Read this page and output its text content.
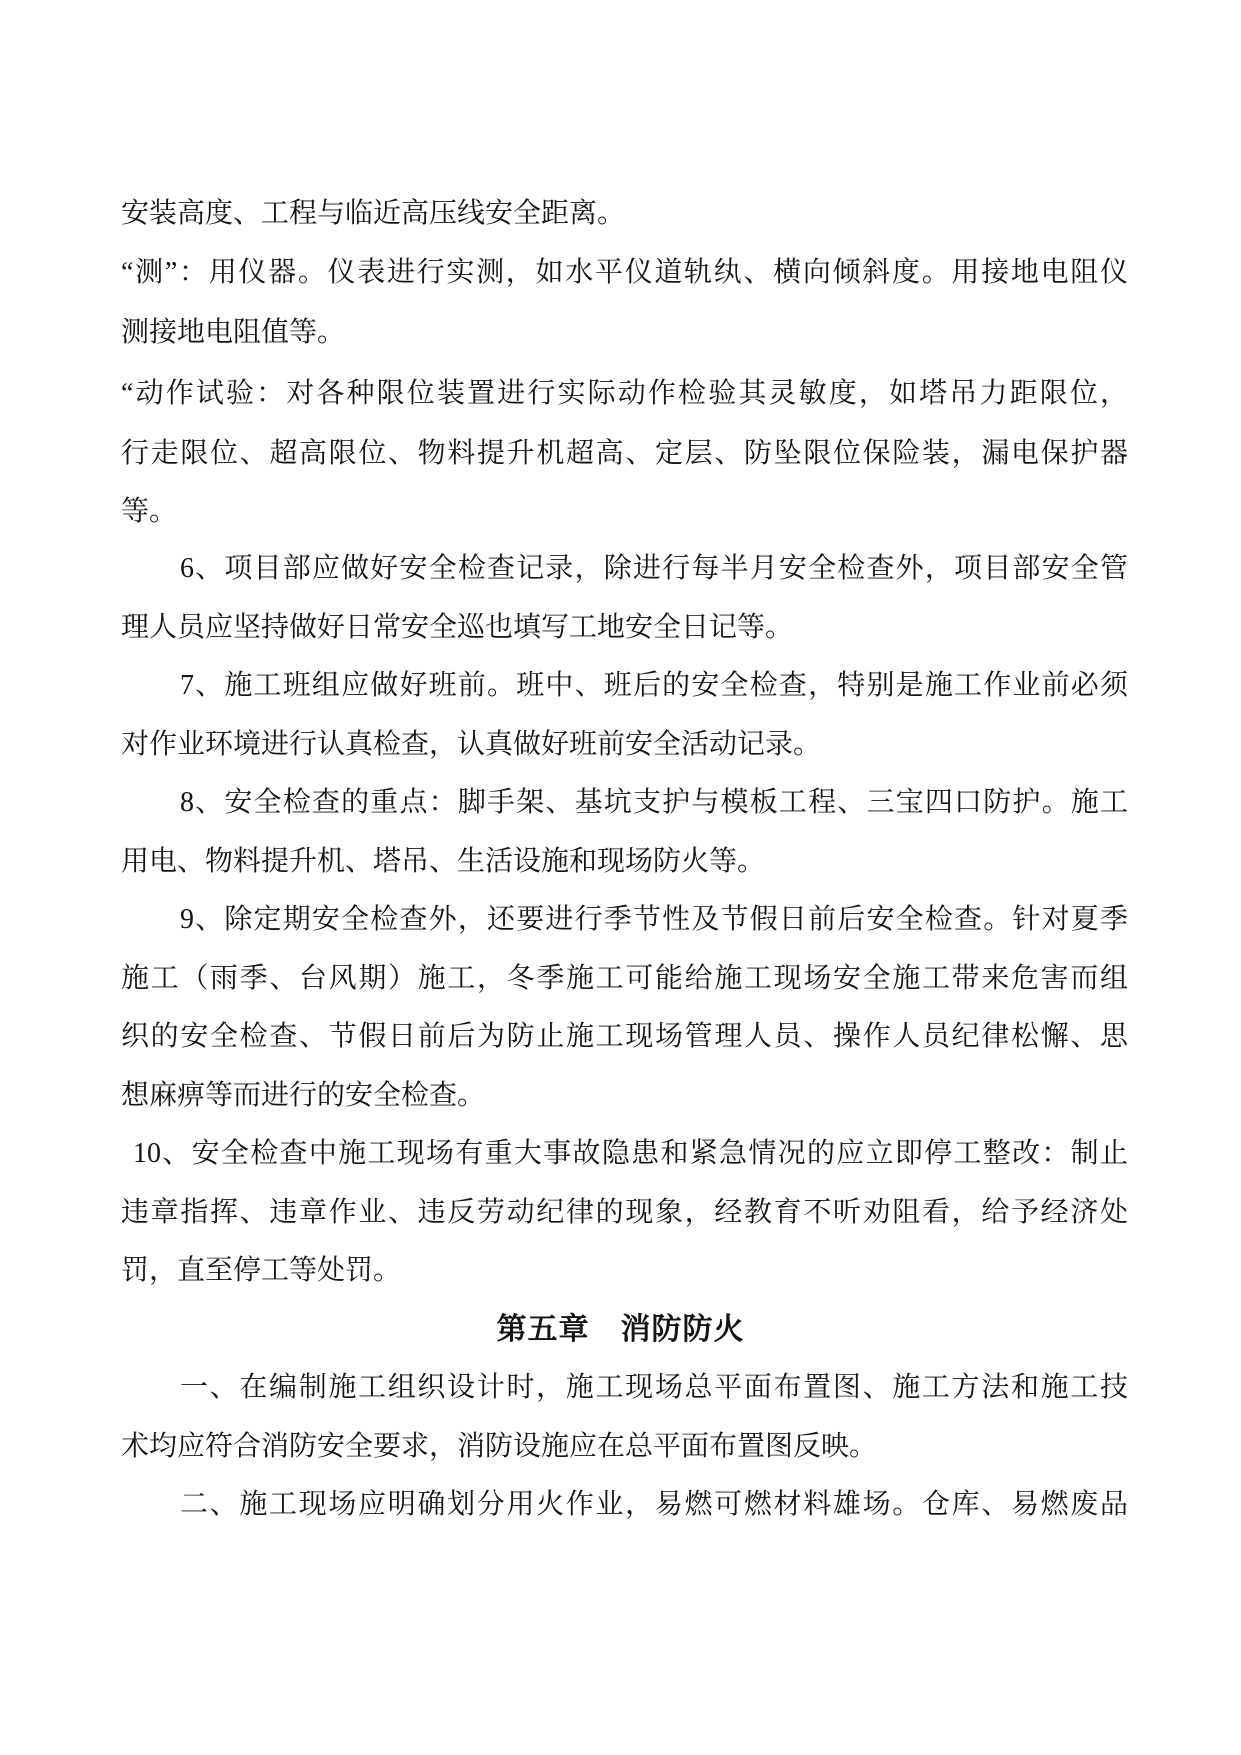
安装高度、工程与临近高压线安全距离。
“测”：用仪器。仪表进行实测，如水平仪道轨纨、横向倾斜度。用接地电阻仪
测接地电阻值等。
“动作试验：对各种限位装置进行实际动作检验其灵敏度，如塔吊力距限位，
行走限位、超高限位、物料提升机超高、定层、防坠限位保险装，漏电保护器
等。
6、项目部应做好安全检查记录，除进行每半月安全检查外，项目部安全管
理人员应坚持做好日常安全巡也填写工地安全日记等。
7、施工班组应做好班前。班中、班后的安全检查，特别是施工作业前必须
对作业环境进行认真检查，认真做好班前安全活动记录。
8、安全检查的重点：脚手架、基坑支护与模板工程、三宝四口防护。施工
用电、物料提升机、塔吊、生活设施和现场防火等。
9、除定期安全检查外，还要进行季节性及节假日前后安全检查。针对夏季
施工（雨季、台风期）施工，冬季施工可能给施工现场安全施工带来危害而组
织的安全检查、节假日前后为防止施工现场管理人员、操作人员纪律松懈、思
想麻痹等而进行的安全检查。
10、安全检查中施工现场有重大事故隐患和紧急情况的应立即停工整改：制止
违章指挥、违章作业、违反劳动纪律的现象，经教育不听劝阻看，给予经济处
罚，直至停工等处罚。
第五章　消防防火
一、在编制施工组织设计时，施工现场总平面布置图、施工方法和施工技
术均应符合消防安全要求，消防设施应在总平面布置图反映。
二、施工现场应明确划分用火作业，易燃可燃材料雄场。仓库、易燃废品
